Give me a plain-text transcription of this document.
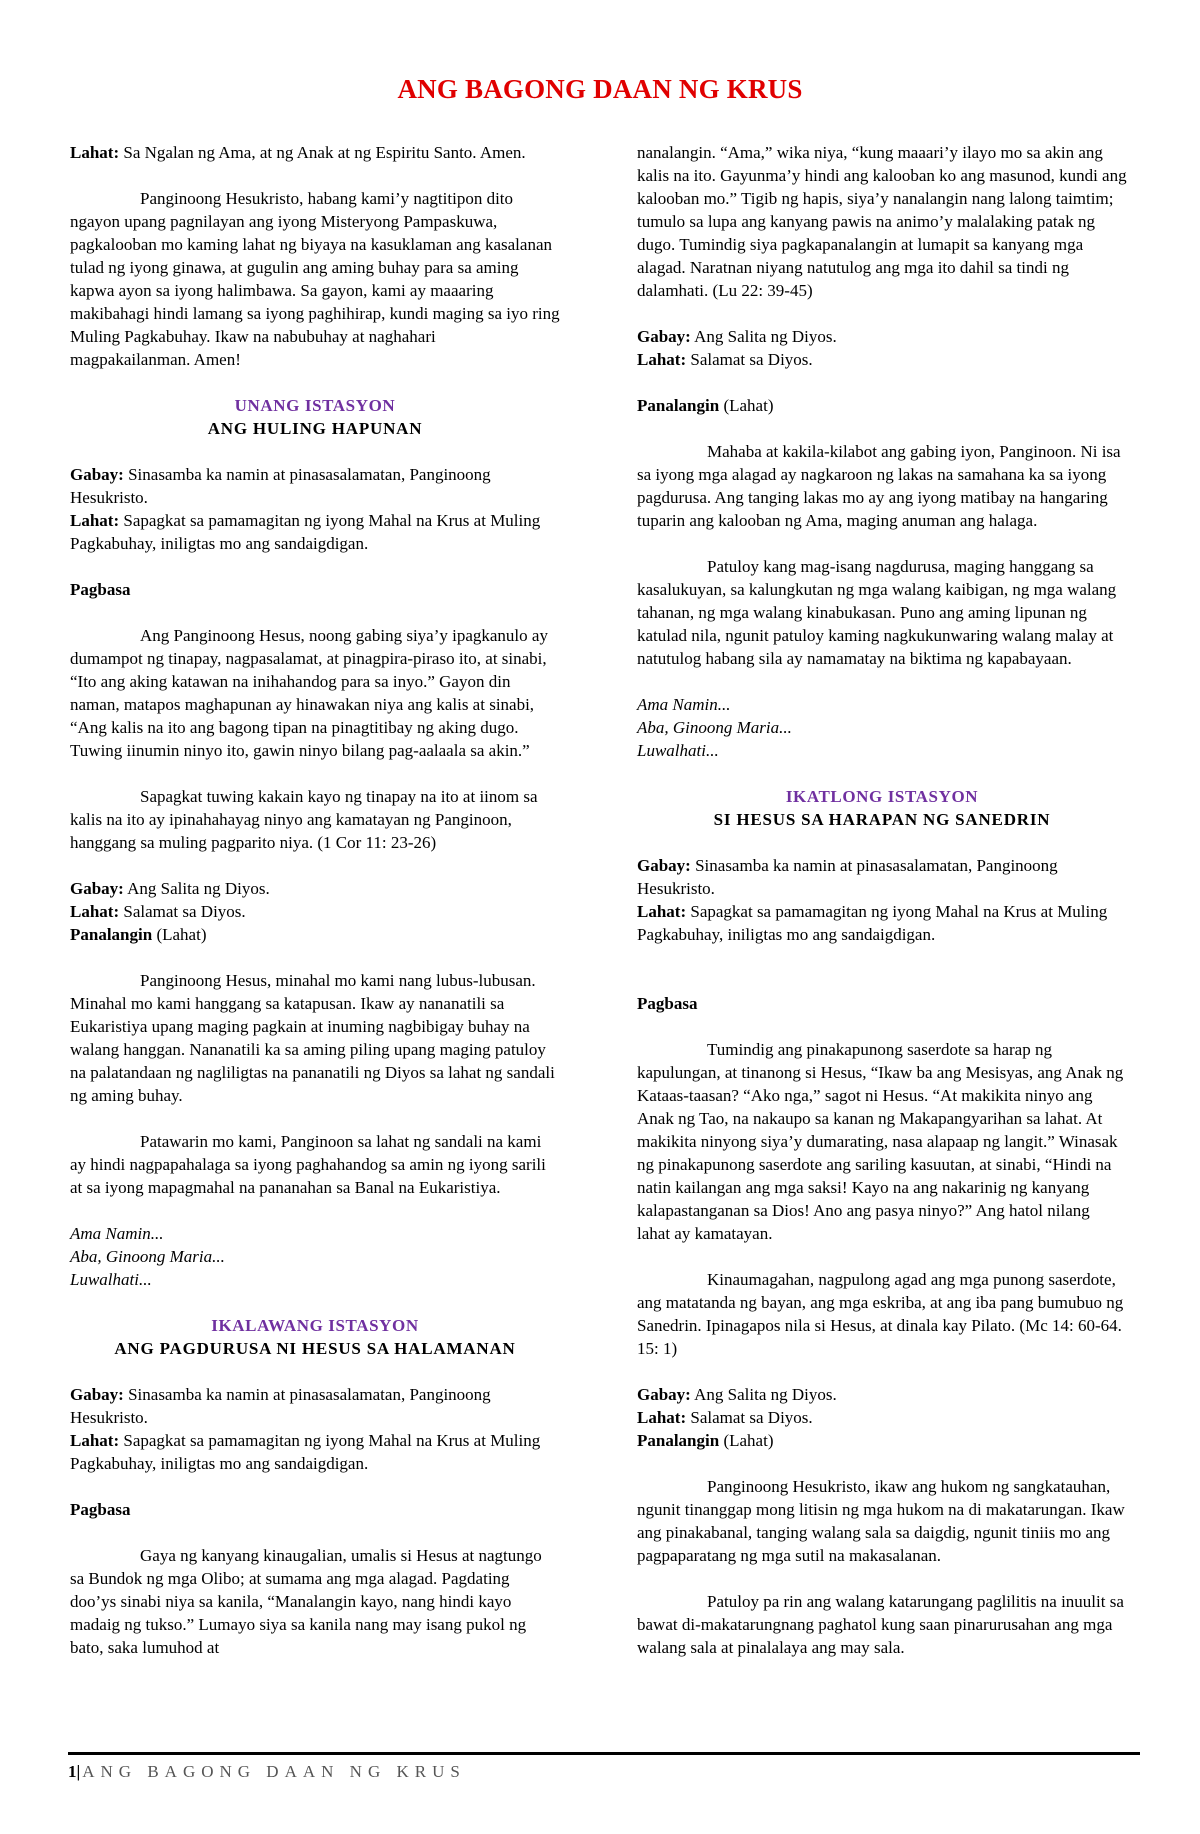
ANG BAGONG DAAN NG KRUS

Lahat: Sa Ngalan ng Ama, at ng Anak at ng Espiritu Santo. Amen.

Panginoong Hesukristo, habang kami’y nagtitipon dito ngayon upang pagnilayan ang iyong Misteryong Pampaskuwa, pagkalooban mo kaming lahat ng biyaya na kasuklaman ang kasalanan tulad ng iyong ginawa, at gugulin ang aming buhay para sa aming kapwa ayon sa iyong halimbawa. Sa gayon, kami ay maaaring makibahagi hindi lamang sa iyong paghihirap, kundi maging sa iyo ring Muling Pagkabuhay. Ikaw na nabubuhay at naghahari magpakailanman. Amen!

UNANG ISTASYON
ANG HULING HAPUNAN

Gabay: Sinasamba ka namin at pinasasalamatan, Panginoong Hesukristo.

Lahat: Sapagkat sa pamamagitan ng iyong Mahal na Krus at Muling Pagkabuhay, iniligtas mo ang sandaigdigan.

Pagbasa

Ang Panginoong Hesus, noong gabing siya’y ipagkanulo ay dumampot ng tinapay, nagpasalamat, at pinagpira-piraso ito, at sinabi, “Ito ang aking katawan na inihahandog para sa inyo.” Gayon din naman, matapos maghapunan ay hinawakan niya ang kalis at sinabi, “Ang kalis na ito ang bagong tipan na pinagtitibay ng aking dugo. Tuwing iinumin ninyo ito, gawin ninyo bilang pag-aalaala sa akin.”

Sapagkat tuwing kakain kayo ng tinapay na ito at iinom sa kalis na ito ay ipinahahayag ninyo ang kamatayan ng Panginoon, hanggang sa muling pagparito niya. (1 Cor 11: 23-26)

Gabay: Ang Salita ng Diyos.

Lahat: Salamat sa Diyos.

Panalangin (Lahat)

Panginoong Hesus, minahal mo kami nang lubus-lubusan. Minahal mo kami hanggang sa katapusan. Ikaw ay nananatili sa Eukaristiya upang maging pagkain at inuming nagbibigay buhay na walang hanggan. Nananatili ka sa aming piling upang maging patuloy na palatandaan ng nagliligtas na pananatili ng Diyos sa lahat ng sandali ng aming buhay.

Patawarin mo kami, Panginoon sa lahat ng sandali na kami ay hindi nagpapahalaga sa iyong paghahandog sa amin ng iyong sarili at sa iyong mapagmahal na pananahan sa Banal na Eukaristiya.

Ama Namin...

Aba, Ginoong Maria...

Luwalhati...

IKALAWANG ISTASYON
ANG PAGDURUSA NI HESUS SA HALAMANAN

Gabay: Sinasamba ka namin at pinasasalamatan, Panginoong Hesukristo.

Lahat: Sapagkat sa pamamagitan ng iyong Mahal na Krus at Muling Pagkabuhay, iniligtas mo ang sandaigdigan.

Pagbasa

Gaya ng kanyang kinaugalian, umalis si Hesus at nagtungo sa Bundok ng mga Olibo; at sumama ang mga alagad. Pagdating doo’ys sinabi niya sa kanila, “Manalangin kayo, nang hindi kayo madaig ng tukso.” Lumayo siya sa kanila nang may isang pukol ng bato, saka lumuhod at

nanalangin. “Ama,” wika niya, “kung maaari’y ilayo mo sa akin ang kalis na ito. Gayunma’y hindi ang kalooban ko ang masunod, kundi ang kalooban mo.” Tigib ng hapis, siya’y nanalangin nang lalong taimtim; tumulo sa lupa ang kanyang pawis na animo’y malalaking patak ng dugo. Tumindig siya pagkapanalangin at lumapit sa kanyang mga alagad. Naratnan niyang natutulog ang mga ito dahil sa tindi ng dalamhati. (Lu 22: 39-45)

Gabay: Ang Salita ng Diyos.

Lahat: Salamat sa Diyos.

Panalangin (Lahat)

Mahaba at kakila-kilabot ang gabing iyon, Panginoon. Ni isa sa iyong mga alagad ay nagkaroon ng lakas na samahana ka sa iyong pagdurusa. Ang tanging lakas mo ay ang iyong matibay na hangaring tuparin ang kalooban ng Ama, maging anuman ang halaga.

Patuloy kang mag-isang nagdurusa, maging hanggang sa kasalukuyan, sa kalungkutan ng mga walang kaibigan, ng mga walang tahanan, ng mga walang kinabukasan. Puno ang aming lipunan ng katulad nila, ngunit patuloy kaming nagkukunwaring walang malay at natutulog habang sila ay namamatay na biktima ng kapabayaan.

Ama Namin...

Aba, Ginoong Maria...

Luwalhati...

IKATLONG ISTASYON
SI HESUS SA HARAPAN NG SANEDRIN

Gabay: Sinasamba ka namin at pinasasalamatan, Panginoong Hesukristo.

Lahat: Sapagkat sa pamamagitan ng iyong Mahal na Krus at Muling Pagkabuhay, iniligtas mo ang sandaigdigan.

Pagbasa

Tumindig ang pinakapunong saserdote sa harap ng kapulungan, at tinanong si Hesus, “Ikaw ba ang Mesisyas, ang Anak ng Kataas-taasan? “Ako nga,” sagot ni Hesus. “At makikita ninyo ang Anak ng Tao, na nakaupo sa kanan ng Makapangyarihan sa lahat. At makikita ninyong siya’y dumarating, nasa alapaap ng langit.” Winasak ng pinakapunong saserdote ang sariling kasuutan, at sinabi, “Hindi na natin kailangan ang mga saksi! Kayo na ang nakarinig ng kanyang kalapastanganan sa Dios! Ano ang pasya ninyo?” Ang hatol nilang lahat ay kamatayan.

Kinaumagahan, nagpulong agad ang mga punong saserdote, ang matatanda ng bayan, ang mga eskriba, at ang iba pang bumubuo ng Sanedrin. Ipinagapos nila si Hesus, at dinala kay Pilato. (Mc 14: 60-64. 15: 1)

Gabay: Ang Salita ng Diyos.

Lahat: Salamat sa Diyos.

Panalangin (Lahat)

Panginoong Hesukristo, ikaw ang hukom ng sangkatauhan, ngunit tinanggap mong litisin ng mga hukom na di makatarungan. Ikaw ang pinakabanal, tanging walang sala sa daigdig, ngunit tiniis mo ang pagpaparatang ng mga sutil na makasalanan.

Patuloy pa rin ang walang katarungang paglilitis na inuulit sa bawat di-makatarungnang paghatol kung saan pinarurusahan ang mga walang sala at pinalalaya ang may sala.

1|ANG BAGONG DAAN NG KRUS
